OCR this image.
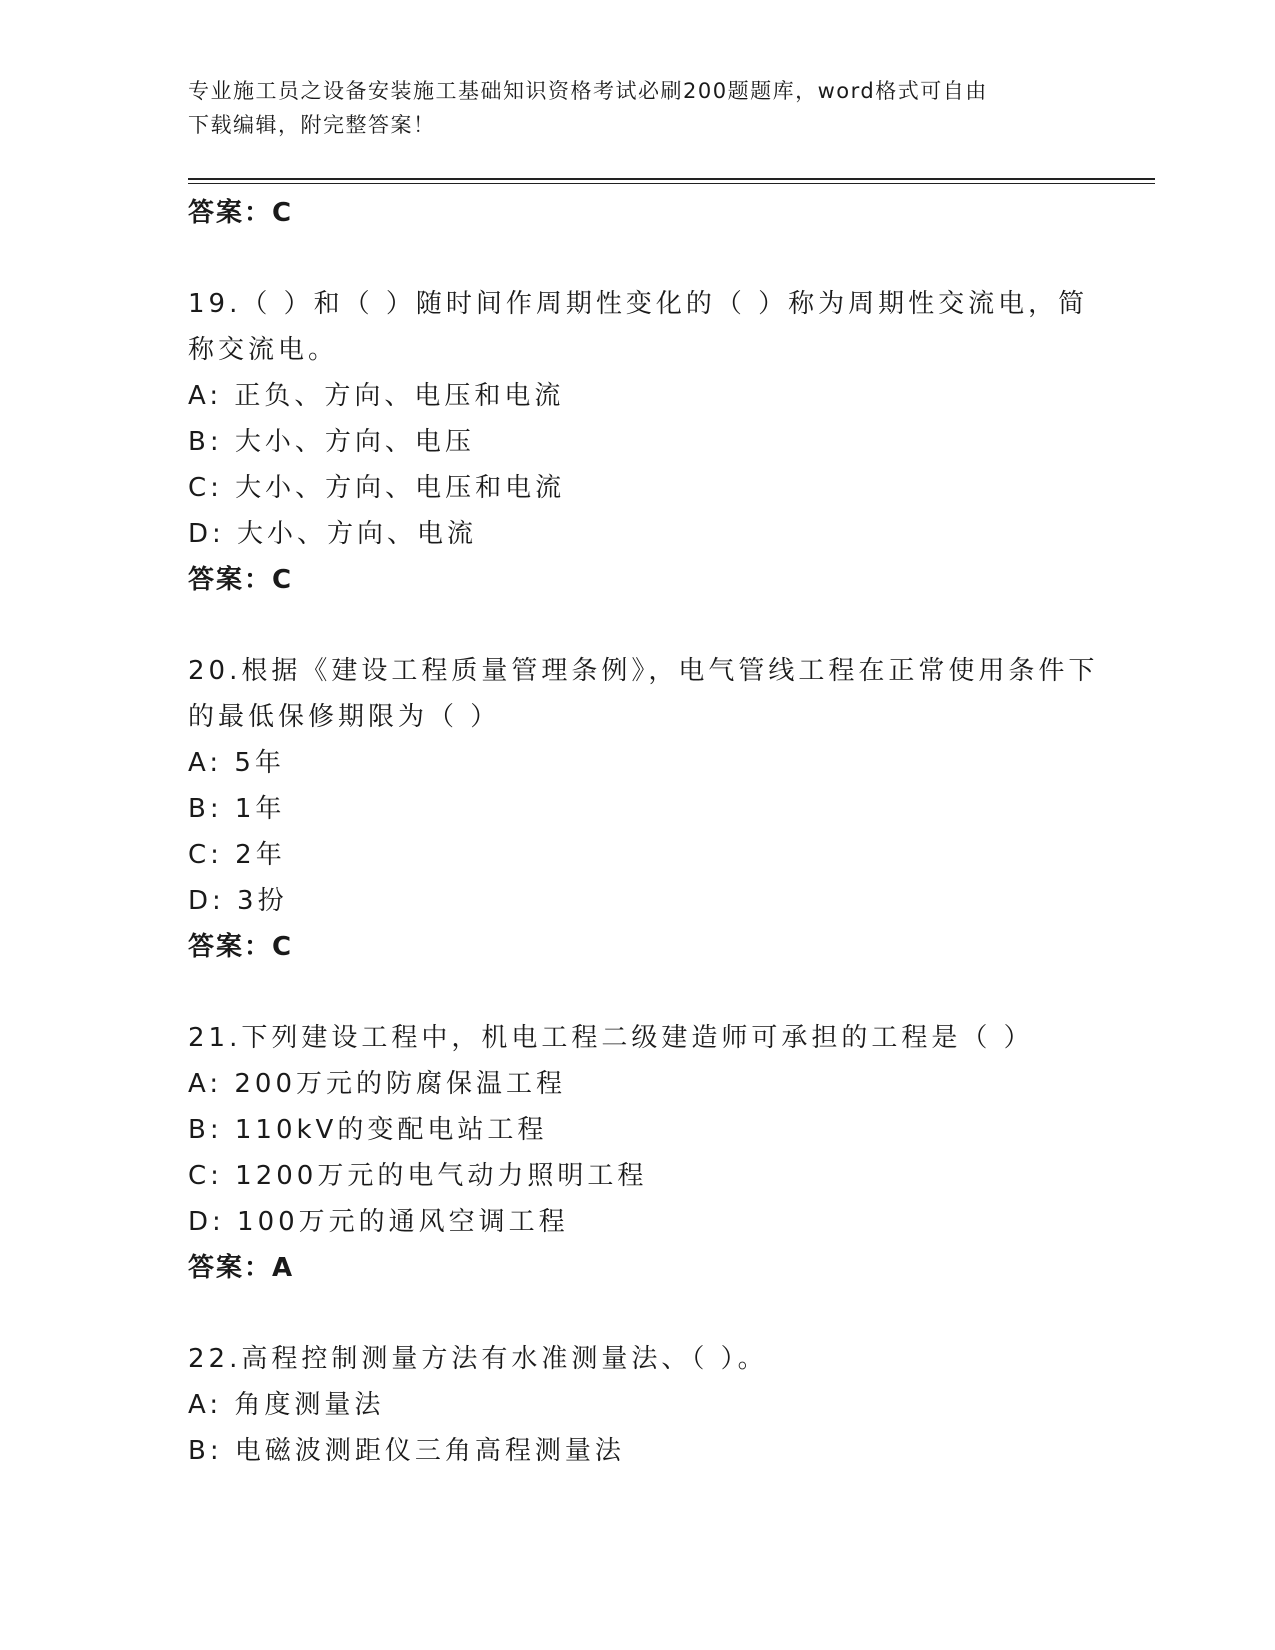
专业施工员之设备安装施工基础知识资格考试必刷200题题库，word格式可自由
下载编辑，附完整答案！
答案：C
19.（ ）和（ ）随时间作周期性变化的（ ）称为周期性交流电，简
称交流电。
A: 正负、方向、电压和电流
B: 大小、方向、电压
C: 大小、方向、电压和电流
D: 大小、方向、电流
答案：C
20.根据《建设工程质量管理条例》，电气管线工程在正常使用条件下
的最低保修期限为（ ）
A: 5年
B: 1年
C: 2年
D: 3扮
答案：C
21.下列建设工程中，机电工程二级建造师可承担的工程是（ ）
A: 200万元的防腐保温工程
B: 110kV的变配电站工程
C: 1200万元的电气动力照明工程
D: 100万元的通风空调工程
答案：A
22.高程控制测量方法有水准测量法、（ ）。
A: 角度测量法
B: 电磁波测距仪三角高程测量法
